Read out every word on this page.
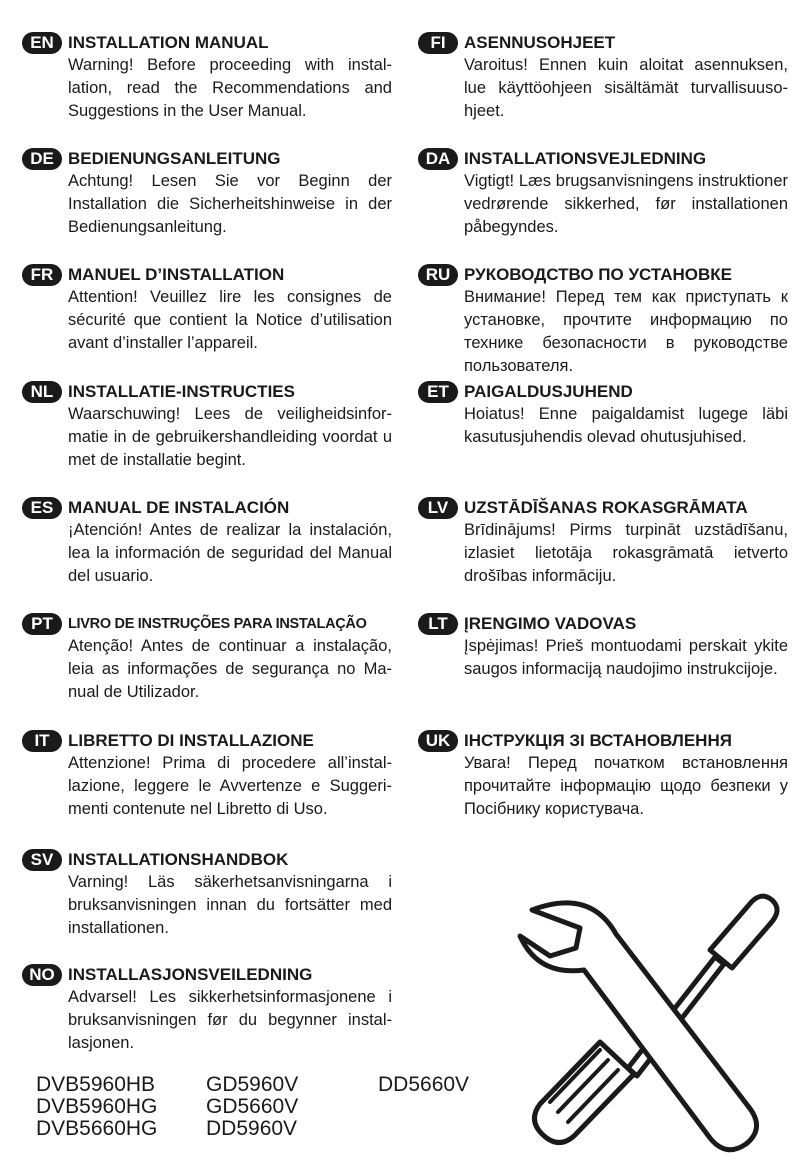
EN INSTALLATION MANUAL
Warning! Before proceeding with installation, read the Recommendations and Suggestions in the User Manual.
DE BEDIENUNGSANLEITUNG
Achtung! Lesen Sie vor Beginn der Installation die Sicherheitshinweise in der Bedienungsanleitung.
FR MANUEL D’INSTALLATION
Attention! Veuillez lire les consignes de sécurité que contient la Notice d’utilisation avant d’installer l’appareil.
NL INSTALLATIE-INSTRUCTIES
Waarschuwing! Lees de veiligheidsinformatie in de gebruikershandleiding voordat u met de installatie begint.
ES MANUAL DE INSTALACIÓN
¡Atención! Antes de realizar la instalación, lea la información de seguridad del Manual del usuario.
PT	LIVRO DE INSTRUÇÕES PARA INSTALAÇÃO
Atenção! Antes de continuar a instalação, leia as informações de segurança no Manual de Utilizador.
IT	LIBRETTO DI INSTALLAZIONE
Attenzione! Prima di procedere all’installazione, leggere le Avvertenze e Suggerimenti contenute nel Libretto di Uso.
SV INSTALLATIONSHANDBOK
Varning! Läs säkerhetsanvisningarna i bruksanvisningen innan du fortsätter med installationen.
NO INSTALLASJONSVEILEDNING
Advarsel! Les sikkerhetsinformasjonene i bruksanvisningen før du begynner installasjonen.
FI	ASENNUSOHJEET
Varoitus! Ennen kuin aloitat asennuksen, lue käyttöohjeen sisältämät turvallisuusohjeet.
DA INSTALLATIONSVEJLEDNING
Vigtigt! Læs brugsanvisningens instruktioner vedrørende sikkerhed, før installationen påbegyndes.
RU РУКОВОДСТВО ПО УСТАНОВКЕ
Внимание! Перед тем как приступать к установке, прочтите информацию по технике безопасности в руководстве пользователя.
ET PAIGALDUSJUHEND
Hoiatus! Enne paigaldamist lugege läbi kasutusjuhendis olevad ohutusjuhised.
LV UZSTĀDĪŠANAS ROKASGRĀMATA
Brīdinājums! Pirms turpināt uzstādīšanu, izlasiet lietotāja rokasgrāmatā ietverto drošības informāciju.
LT ĮRENGIMO VADOVAS
Įspėjimas! Prieš montuodami perskait ykite saugos informaciją naudojimo instrukcijoje.
UK ІНСТРУКЦІЯ ЗІ ВСТАНОВЛЕННЯ
Увага! Перед початком встановлення прочитайте інформацію щодо безпеки у Посібнику користувача.
DVB5960HB
DVB5960HG
DVB5660HG
GD5960V
GD5660V
DD5960V
DD5660V
